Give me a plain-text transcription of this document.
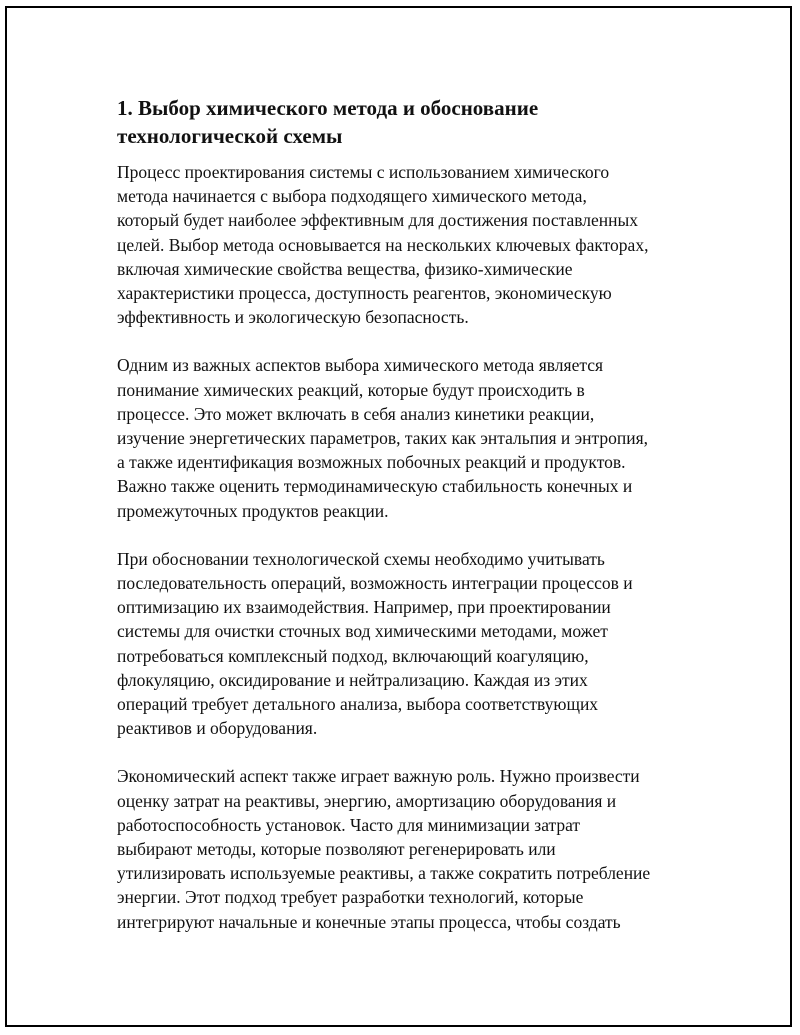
1. Выбор химического метода и обоснование
технологической схемы

Процесс проектирования системы с использованием химического
метода начинается с выбора подходящего химического метода,
который будет наиболее эффективным для достижения поставленных
целей. Выбор метода основывается на нескольких ключевых факторах,
включая химические свойства вещества, физико-химические
характеристики процесса, доступность реагентов, экономическую
эффективность и экологическую безопасность.

Одним из важных аспектов выбора химического метода является
понимание химических реакций, которые будут происходить в
процессе. Это может включать в себя анализ кинетики реакции,
изучение энергетических параметров, таких как энтальпия и энтропия,
а также идентификация возможных побочных реакций и продуктов.
Важно также оценить термодинамическую стабильность конечных и
промежуточных продуктов реакции.

При обосновании технологической схемы необходимо учитывать
последовательность операций, возможность интеграции процессов и
оптимизацию их взаимодействия. Например, при проектировании
системы для очистки сточных вод химическими методами, может
потребоваться комплексный подход, включающий коагуляцию,
флокуляцию, оксидирование и нейтрализацию. Каждая из этих
операций требует детального анализа, выбора соответствующих
реактивов и оборудования.

Экономический аспект также играет важную роль. Нужно произвести
оценку затрат на реактивы, энергию, амортизацию оборудования и
работоспособность установок. Часто для минимизации затрат
выбирают методы, которые позволяют регенерировать или
утилизировать используемые реактивы, а также сократить потребление
энергии. Этот подход требует разработки технологий, которые
интегрируют начальные и конечные этапы процесса, чтобы создать
